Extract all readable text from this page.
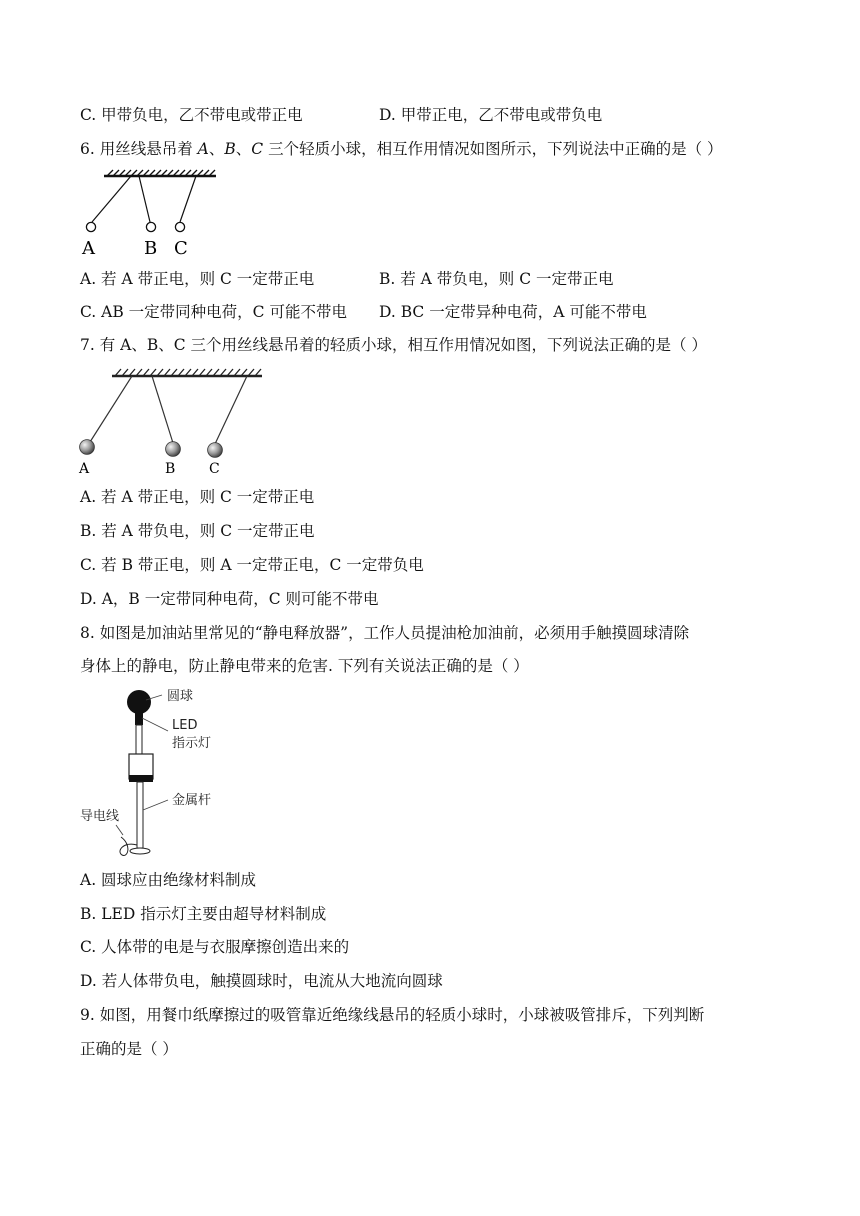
C. 甲带负电，乙不带电或带正电	D. 甲带正电，乙不带电或带负电
6. 用丝线悬吊着 A、B、C 三个轻质小球，相互作用情况如图所示，下列说法中正确的是（ ）
A	B C
A. 若 A 带正电，则 C 一定带正电	B. 若 A 带负电，则 C 一定带正电
C. AB 一定带同种电荷，C 可能不带电 D. BC 一定带异种电荷，A 可能不带电
7. 有 A、B、C 三个用丝线悬吊着的轻质小球，相互作用情况如图，下列说法正确的是（ ）
A	B C
A. 若 A 带正电，则 C 一定带正电
B. 若 A 带负电，则 C 一定带正电
C. 若 B 带正电，则 A 一定带正电，C 一定带负电
D. A，B 一定带同种电荷，C 则可能不带电
8. 如图是加油站里常见的“静电释放器”，工作人员提油枪加油前，必须用手触摸圆球清除
身体上的静电，防止静电带来的危害. 下列有关说法正确的是（ ）
圆球
LED
指示灯
金属杆
导电线
A. 圆球应由绝缘材料制成
B. LED 指示灯主要由超导材料制成
C. 人体带的电是与衣服摩擦创造出来的
D. 若人体带负电，触摸圆球时，电流从大地流向圆球
9. 如图，用餐巾纸摩擦过的吸管靠近绝缘线悬吊的轻质小球时，小球被吸管排斥，下列判断
正确的是（ ）
